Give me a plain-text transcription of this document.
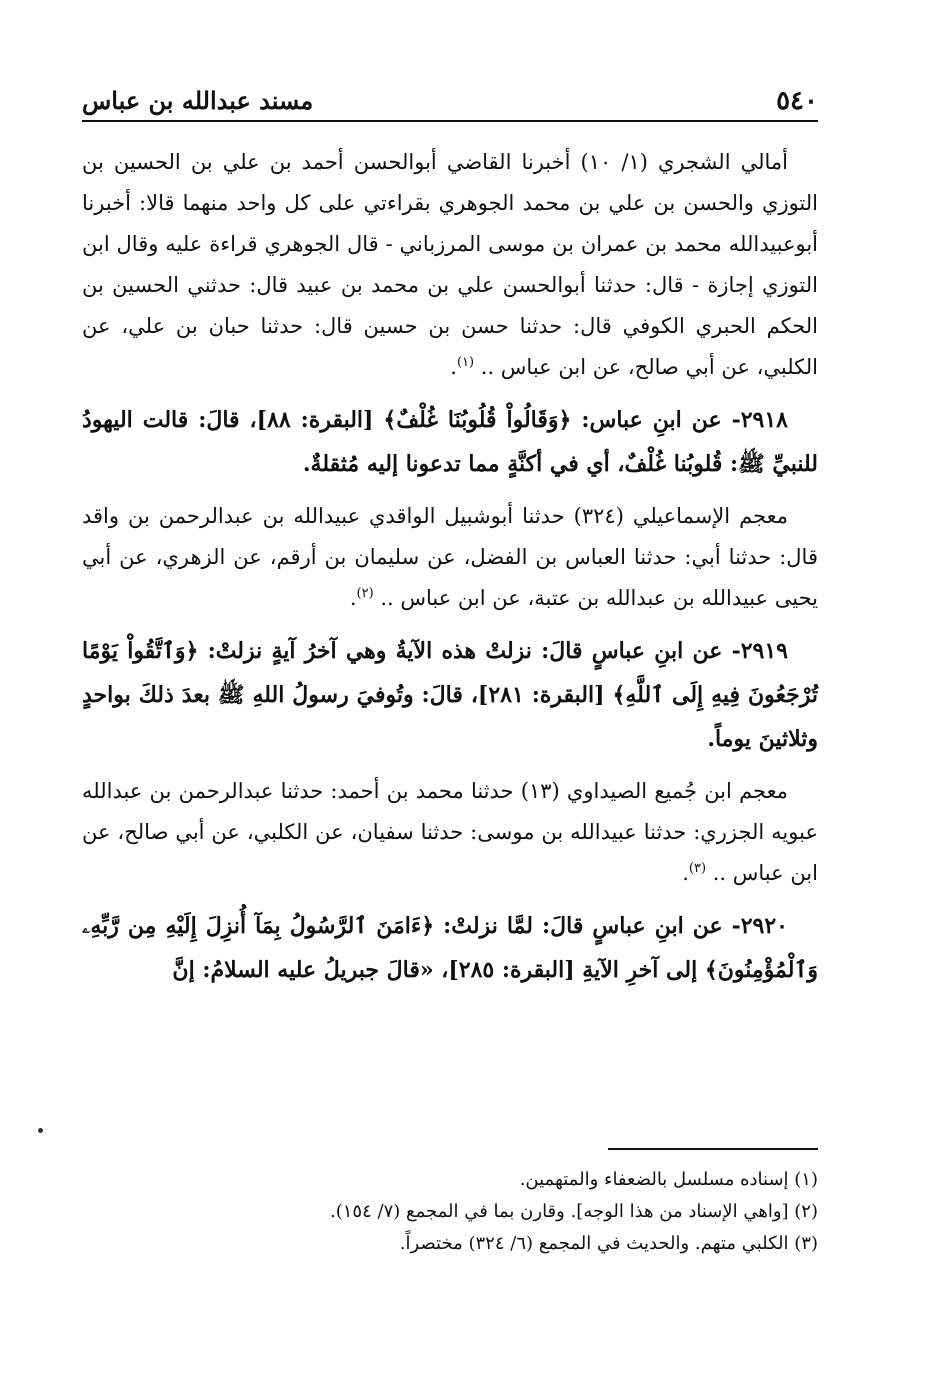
٥٤٠
مسند عبدالله بن عباس

أمالي الشجري (١/ ١٠) أخبرنا القاضي أبوالحسن أحمد بن علي بن الحسين بن التوزي والحسن بن علي بن محمد الجوهري بقراءتي على كل واحد منهما قالا: أخبرنا أبوعبيدالله محمد بن عمران بن موسى المرزباني - قال الجوهري قراءة عليه وقال ابن التوزي إجازة - قال: حدثنا أبوالحسن علي بن محمد بن عبيد قال: حدثني الحسين بن الحكم الحبري الكوفي قال: حدثنا حسن بن حسين قال: حدثنا حبان بن علي، عن الكلبي، عن أبي صالح، عن ابن عباس .. $^{(١)}$.

٢٩١٨- عن ابنِ عباس: ﴿وَقَالُواْ قُلُوبُنَا غُلْفٌ﴾ [البقرة: ٨٨]، قالَ: قالت اليهودُ للنبيِّ ﷺ: قُلوبُنا غُلْفٌ، أي في أكنَّةٍ مما تدعونا إليه مُثقلةٌ.

معجم الإسماعيلي (٣٢٤) حدثنا أبوشبيل الواقدي عبيدالله بن عبدالرحمن بن واقد قال: حدثنا أبي: حدثنا العباس بن الفضل، عن سليمان بن أرقم، عن الزهري، عن أبي يحيى عبيدالله بن عبدالله بن عتبة، عن ابن عباس .. $^{(٢)}$.

٢٩١٩- عن ابنِ عباسٍ قالَ: نزلتْ هذه الآيةُ وهي آخرُ آيةٍ نزلتْ: ﴿وَٱتَّقُواْ يَوْمًا تُرْجَعُونَ فِيهِ إِلَى ٱللَّهِ﴾ [البقرة: ٢٨١]، قالَ: وتُوفيَ رسولُ اللهِ ﷺ بعدَ ذلكَ بواحدٍ وثلاثينَ يوماً.

معجم ابن جُميع الصيداوي (١٣) حدثنا محمد بن أحمد: حدثنا عبدالرحمن بن عبدالله عبويه الجزري: حدثنا عبيدالله بن موسى: حدثنا سفيان، عن الكلبي، عن أبي صالح، عن ابن عباس .. $^{(٣)}$.

٢٩٢٠- عن ابنِ عباسٍ قالَ: لمَّا نزلتْ: ﴿ءَامَنَ ٱلرَّسُولُ بِمَآ أُنزِلَ إِلَيْهِ مِن رَّبِّهِۦ وَٱلْمُؤْمِنُونَ﴾ إلى آخرِ الآيةِ [البقرة: ٢٨٥]، «قالَ جبريلُ عليه السلامُ: إنَّ

(١) إسناده مسلسل بالضعفاء والمتهمين.

(٢) [واهي الإسناد من هذا الوجه]. وقارن بما في المجمع (٧/ ١٥٤).

(٣) الكلبي متهم. والحديث في المجمع (٦/ ٣٢٤) مختصراً.
